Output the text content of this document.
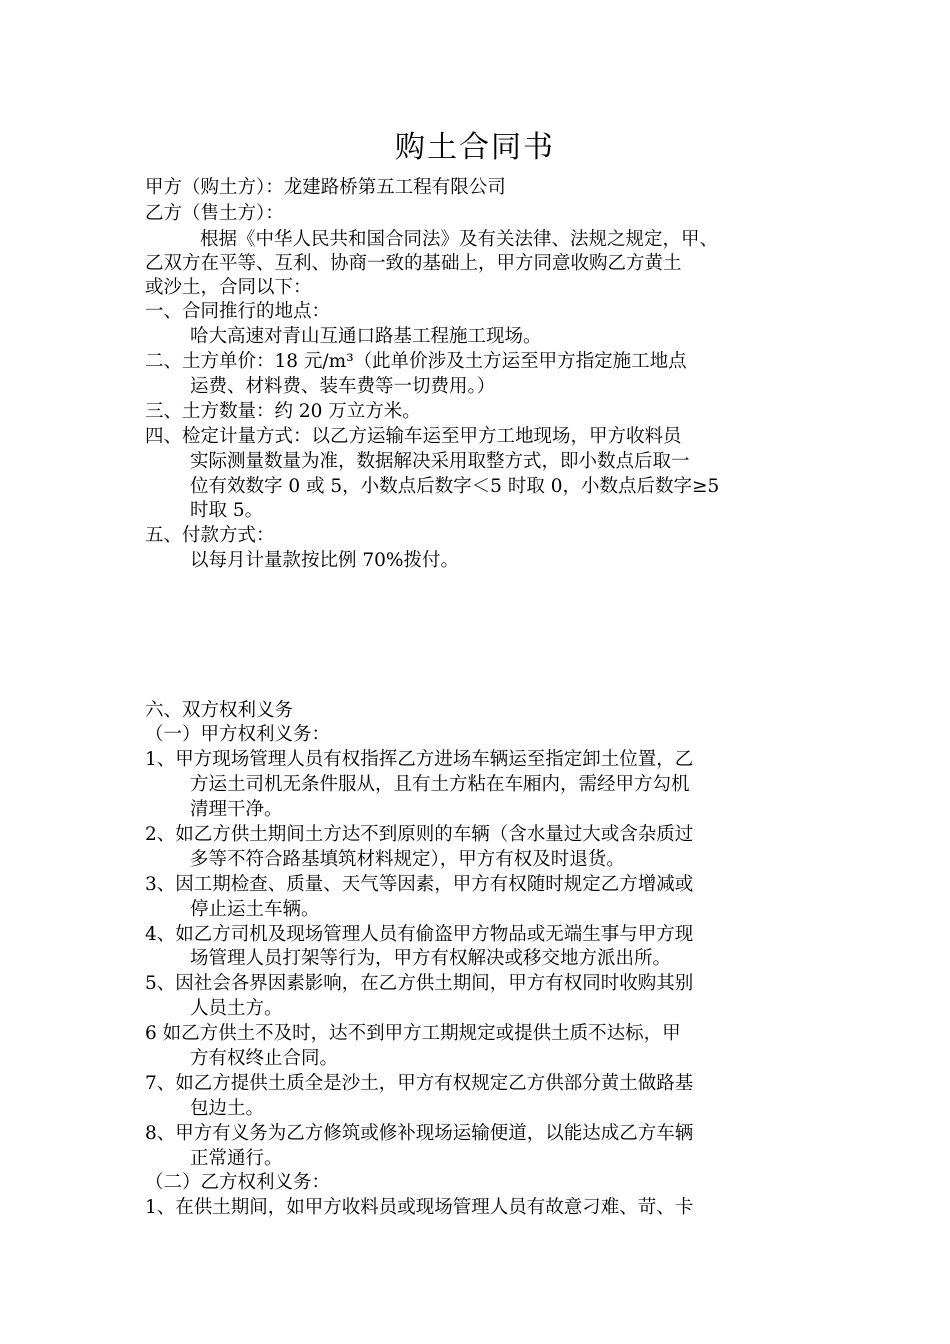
购土合同书
甲方（购土方）：龙建路桥第五工程有限公司
乙方（售土方）：
根据《中华人民共和国合同法》及有关法律、法规之规定，甲、
乙双方在平等、互利、协商一致的基础上，甲方同意收购乙方黄土
或沙土，合同以下：
一、合同推行的地点：
哈大高速对青山互通口路基工程施工现场。
二、土方单价：18 元/m³（此单价涉及土方运至甲方指定施工地点
运费、材料费、装车费等一切费用。）
三、土方数量：约 20 万立方米。
四、检定计量方式：以乙方运输车运至甲方工地现场，甲方收料员
实际测量数量为准，数据解决采用取整方式，即小数点后取一
位有效数字 0 或 5，小数点后数字＜5 时取 0，小数点后数字≥5
时取 5。
五、付款方式：
以每月计量款按比例 70%拨付。
六、双方权利义务
（一）甲方权利义务：
1、甲方现场管理人员有权指挥乙方进场车辆运至指定卸土位置，乙
方运土司机无条件服从，且有土方粘在车厢内，需经甲方勾机
清理干净。
2、如乙方供土期间土方达不到原则的车辆（含水量过大或含杂质过
多等不符合路基填筑材料规定），甲方有权及时退货。
3、因工期检查、质量、天气等因素，甲方有权随时规定乙方增减或
停止运土车辆。
4、如乙方司机及现场管理人员有偷盗甲方物品或无端生事与甲方现
场管理人员打架等行为，甲方有权解决或移交地方派出所。
5、因社会各界因素影响，在乙方供土期间，甲方有权同时收购其别
人员土方。
6 如乙方供土不及时，达不到甲方工期规定或提供土质不达标，甲
方有权终止合同。
7、如乙方提供土质全是沙土，甲方有权规定乙方供部分黄土做路基
包边土。
8、甲方有义务为乙方修筑或修补现场运输便道，以能达成乙方车辆
正常通行。
（二）乙方权利义务：
1、在供土期间，如甲方收料员或现场管理人员有故意刁难、苛、卡
